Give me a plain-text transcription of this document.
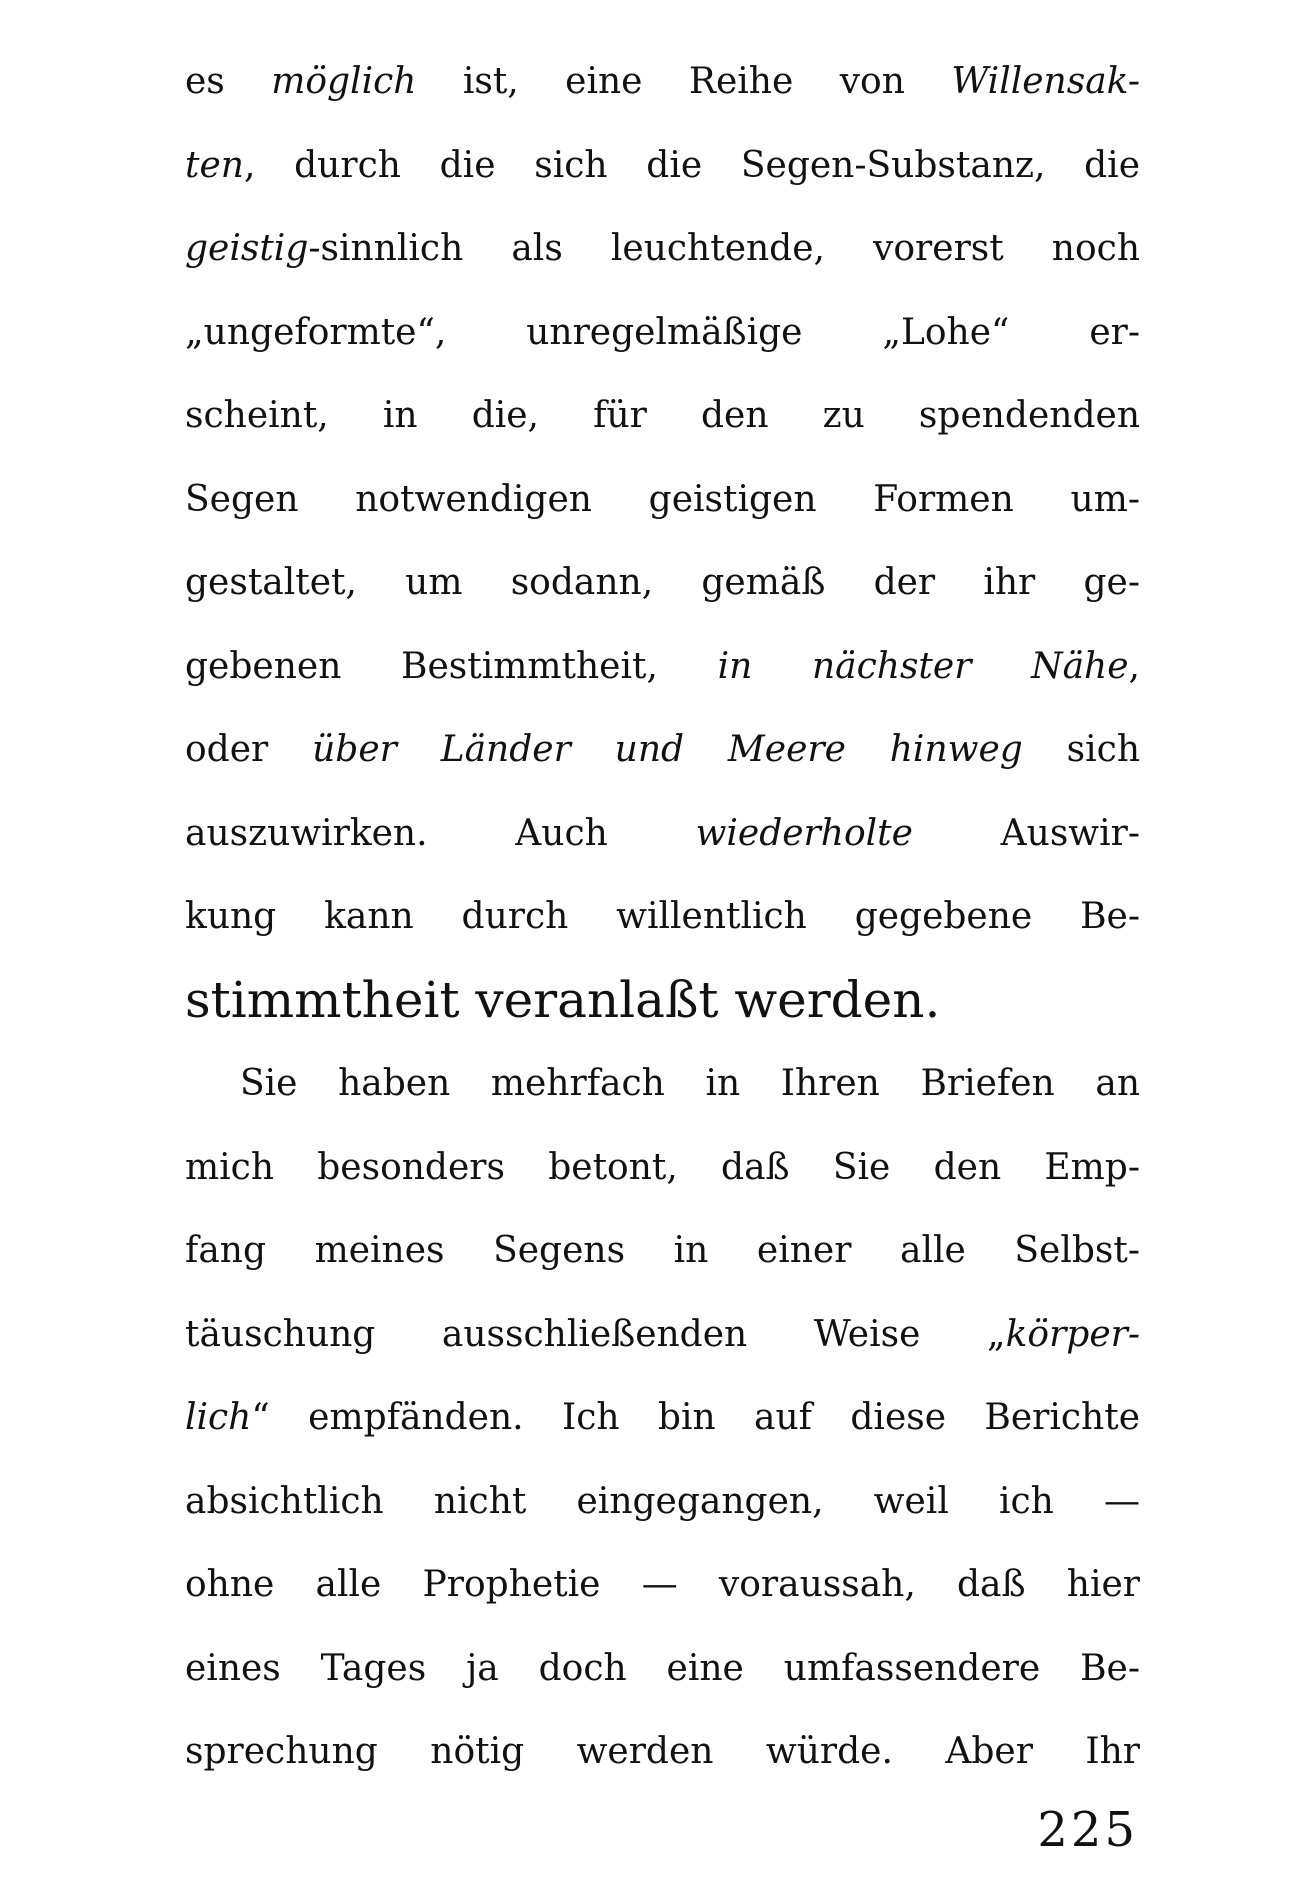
es möglich ist, eine Reihe von Willensak-
ten, durch die sich die Segen-Substanz, die
geistig-sinnlich als leuchtende, vorerst noch
„ungeformte“, unregelmäßige „Lohe“ er-
scheint, in die, für den zu spendenden
Segen notwendigen geistigen Formen um-
gestaltet, um sodann, gemäß der ihr ge-
gebenen Bestimmtheit, in nächster Nähe,
oder über Länder und Meere hinweg sich
auszuwirken. Auch wiederholte Auswir-
kung kann durch willentlich gegebene Be-
stimmtheit veranlaßt werden.
Sie haben mehrfach in Ihren Briefen an
mich besonders betont, daß Sie den Emp-
fang meines Segens in einer alle Selbst-
täuschung ausschließenden Weise „körper-
lich“ empfänden. Ich bin auf diese Berichte
absichtlich nicht eingegangen, weil ich —
ohne alle Prophetie — voraussah, daß hier
eines Tages ja doch eine umfassendere Be-
sprechung nötig werden würde. Aber Ihr
225
